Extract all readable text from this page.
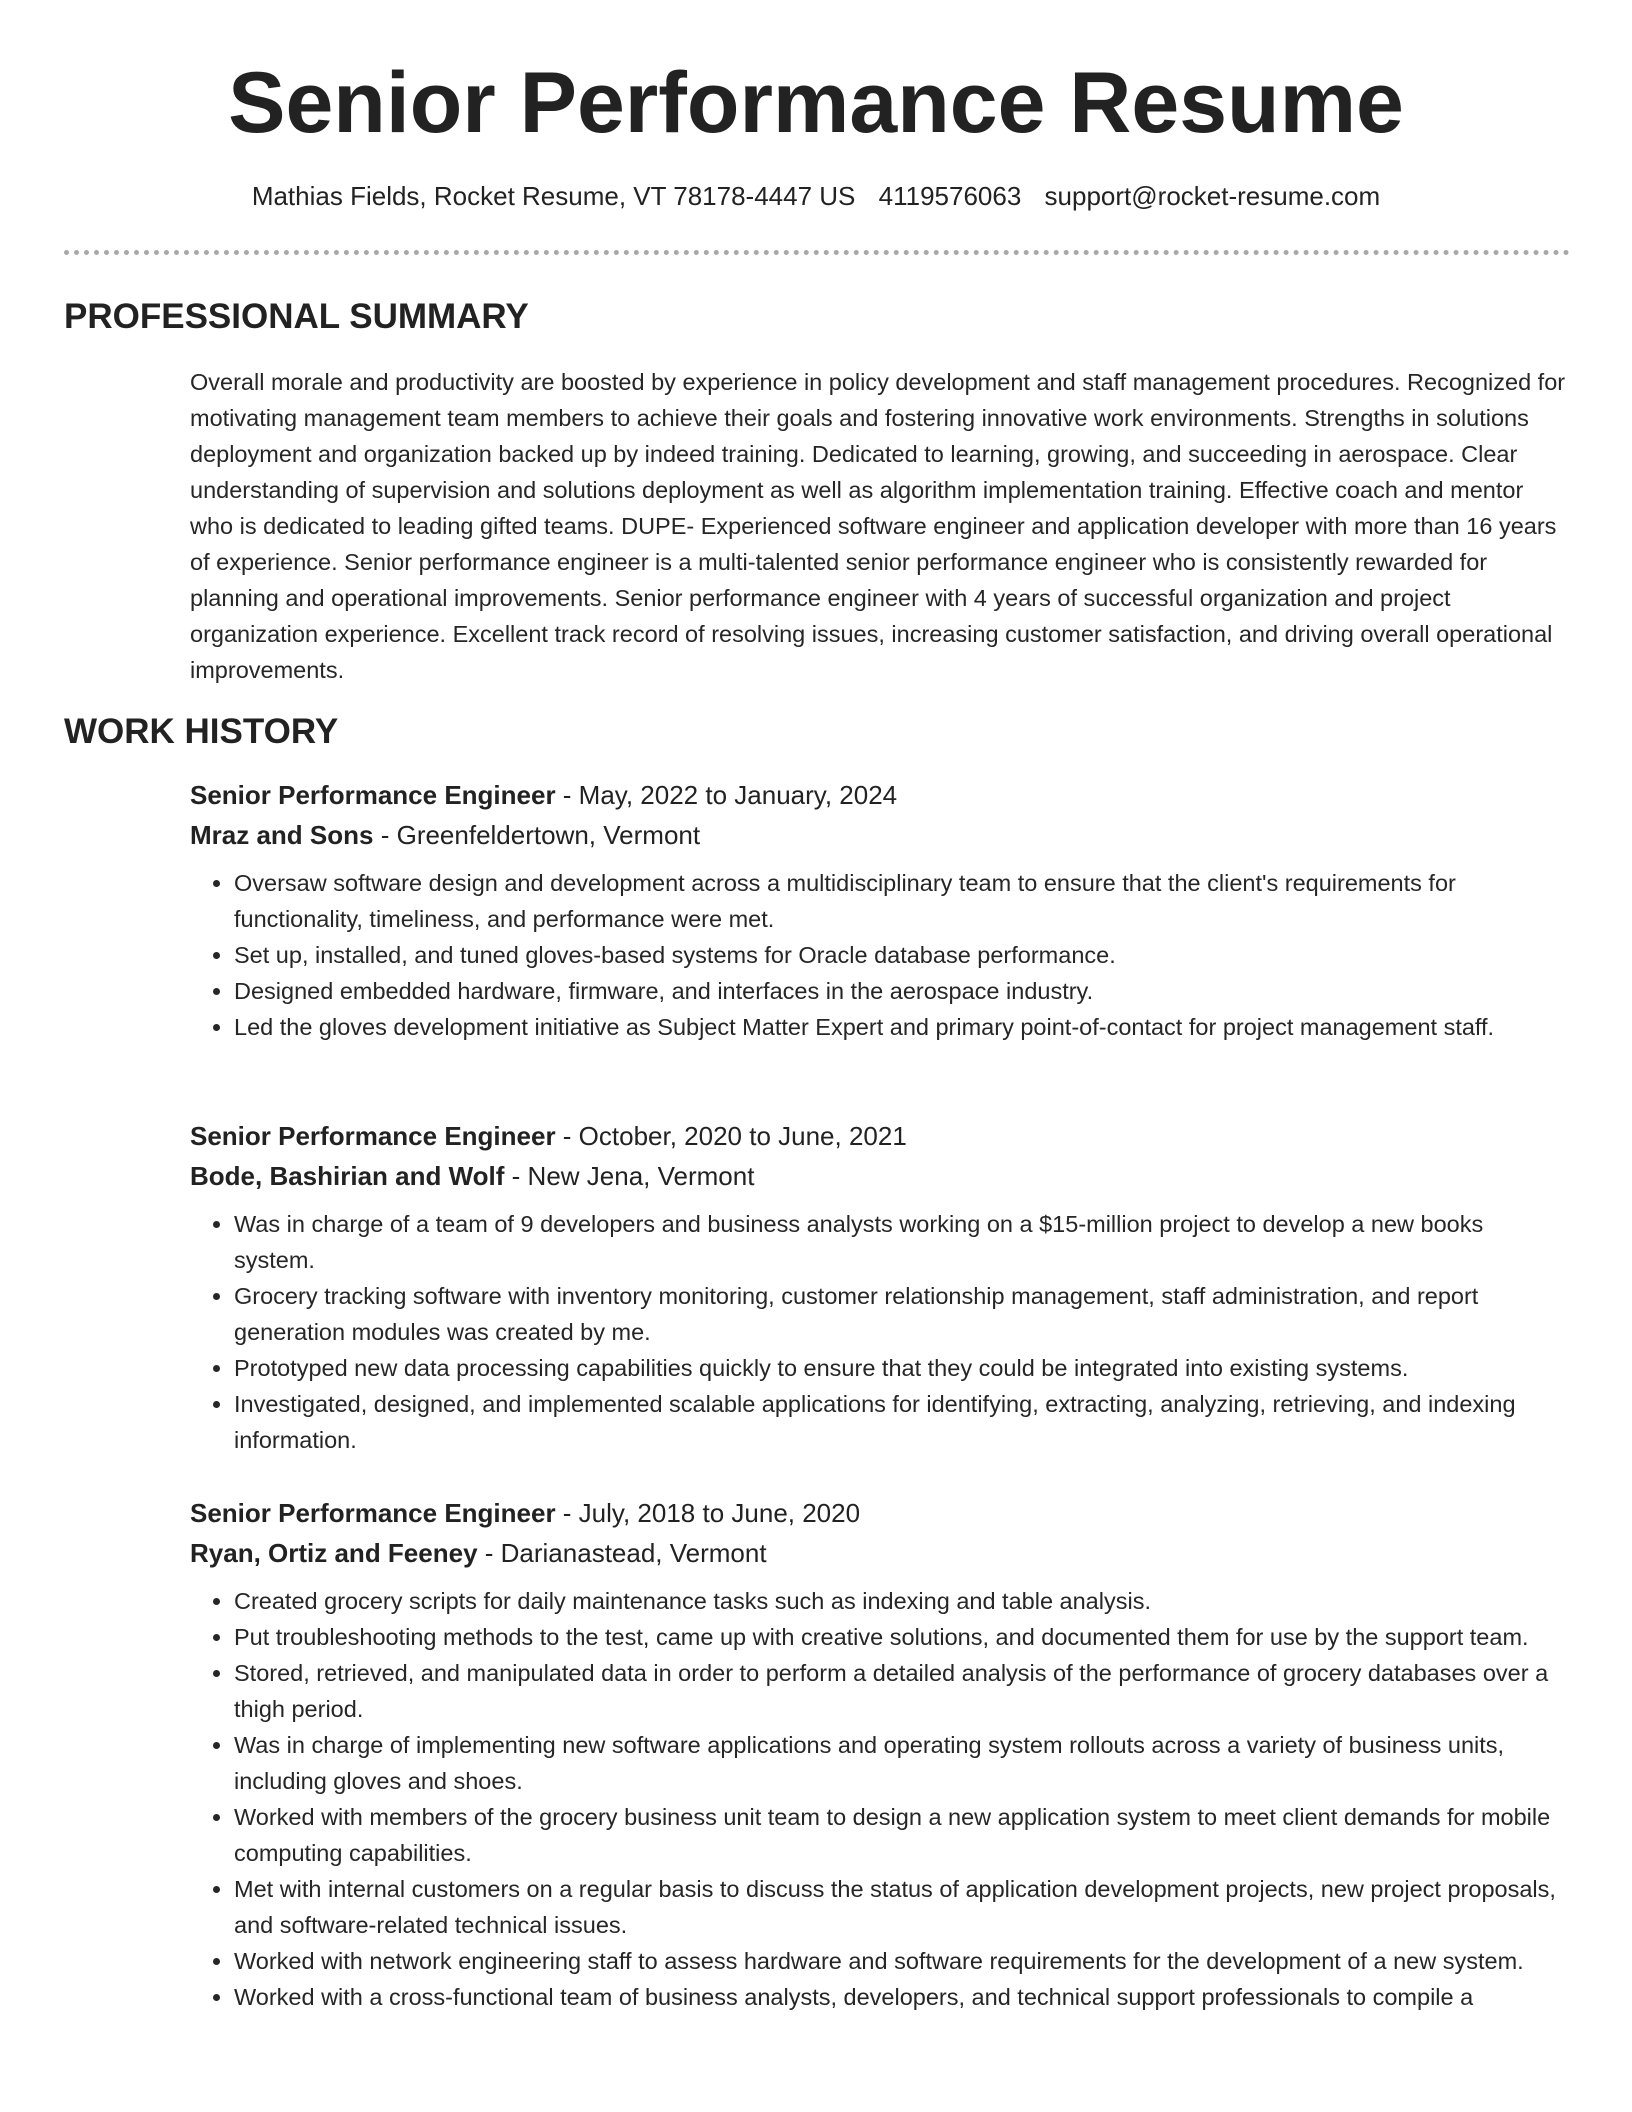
Senior Performance Resume
Mathias Fields, Rocket Resume, VT 78178-4447 US 4119576063 support@rocket-resume.com
PROFESSIONAL SUMMARY

Overall morale and productivity are boosted by experience in policy development and staff management procedures. Recognized for motivating management team members to achieve their goals and fostering innovative work environments. Strengths in solutions deployment and organization backed up by indeed training. Dedicated to learning, growing, and succeeding in aerospace. Clear understanding of supervision and solutions deployment as well as algorithm implementation training. Effective coach and mentor who is dedicated to leading gifted teams. DUPE- Experienced software engineer and application developer with more than 16 years of experience. Senior performance engineer is a multi-talented senior performance engineer who is consistently rewarded for planning and operational improvements. Senior performance engineer with 4 years of successful organization and project organization experience. Excellent track record of resolving issues, increasing customer satisfaction, and driving overall operational improvements.

WORK HISTORY

Senior Performance Engineer - May, 2022 to January, 2024

Mraz and Sons - Greenfeldertown, Vermont

• Oversaw software design and development across a multidisciplinary team to ensure that the client's requirements for functionality, timeliness, and performance were met.
• Set up, installed, and tuned gloves-based systems for Oracle database performance.
• Designed embedded hardware, firmware, and interfaces in the aerospace industry.
• Led the gloves development initiative as Subject Matter Expert and primary point-of-contact for project management staff.

Senior Performance Engineer - October, 2020 to June, 2021

Bode, Bashirian and Wolf - New Jena, Vermont

• Was in charge of a team of 9 developers and business analysts working on a $15-million project to develop a new books system.
• Grocery tracking software with inventory monitoring, customer relationship management, staff administration, and report generation modules was created by me.
• Prototyped new data processing capabilities quickly to ensure that they could be integrated into existing systems.
• Investigated, designed, and implemented scalable applications for identifying, extracting, analyzing, retrieving, and indexing information.

Senior Performance Engineer - July, 2018 to June, 2020

Ryan, Ortiz and Feeney - Darianastead, Vermont

• Created grocery scripts for daily maintenance tasks such as indexing and table analysis.
• Put troubleshooting methods to the test, came up with creative solutions, and documented them for use by the support team.
• Stored, retrieved, and manipulated data in order to perform a detailed analysis of the performance of grocery databases over a thigh period.
• Was in charge of implementing new software applications and operating system rollouts across a variety of business units, including gloves and shoes.
• Worked with members of the grocery business unit team to design a new application system to meet client demands for mobile computing capabilities.
• Met with internal customers on a regular basis to discuss the status of application development projects, new project proposals, and software-related technical issues.
• Worked with network engineering staff to assess hardware and software requirements for the development of a new system.
• Worked with a cross-functional team of business analysts, developers, and technical support professionals to compile a
